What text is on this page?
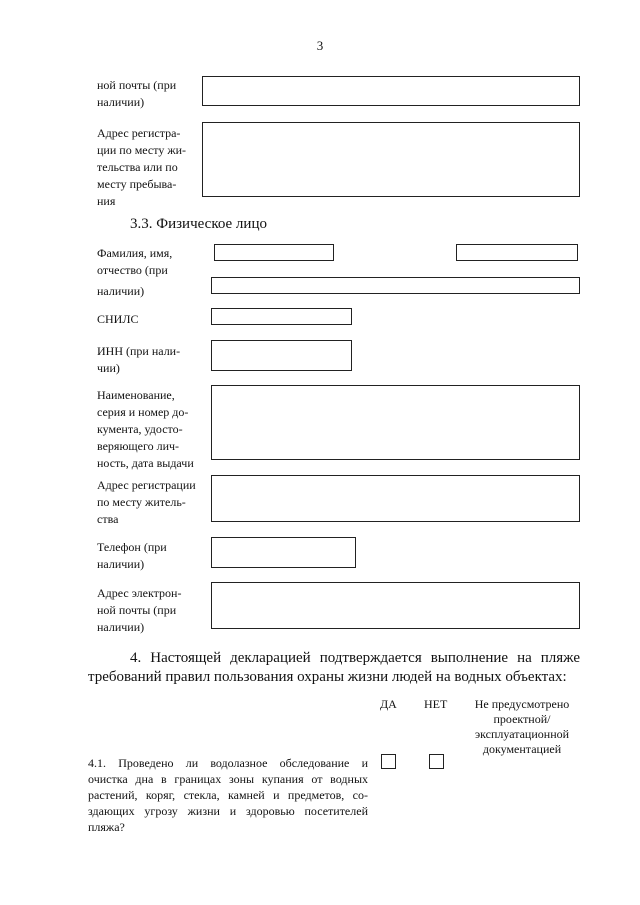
3
ной почты (при
наличии)
Адрес регистра-
ции по месту жи-
тельства или по
месту пребыва-
ния
3.3. Физическое лицо
Фамилия, имя,
отчество (при
наличии)
СНИЛС
ИНН (при нали-
чии)
Наименование,
серия и номер до-
кумента, удосто-
веряющего лич-
ность, дата выдачи
Адрес регистрации
по месту житель-
ства
Телефон (при
наличии)
Адрес электрон-
ной почты (при
наличии)
4. Настоящей декларацией подтверждается выполнение на пляже
требований правил пользования охраны жизни людей на водных объектах:
ДА НЕТ	Не предусмотрено
проектной/
эксплуатационной
документацией
4.1. Проведено ли водолазное обследование и
очистка дна в границах зоны купания от водных
растений, коряг, стекла, камней и предметов, со-
здающих угрозу жизни и здоровью посетителей
пляжа?
